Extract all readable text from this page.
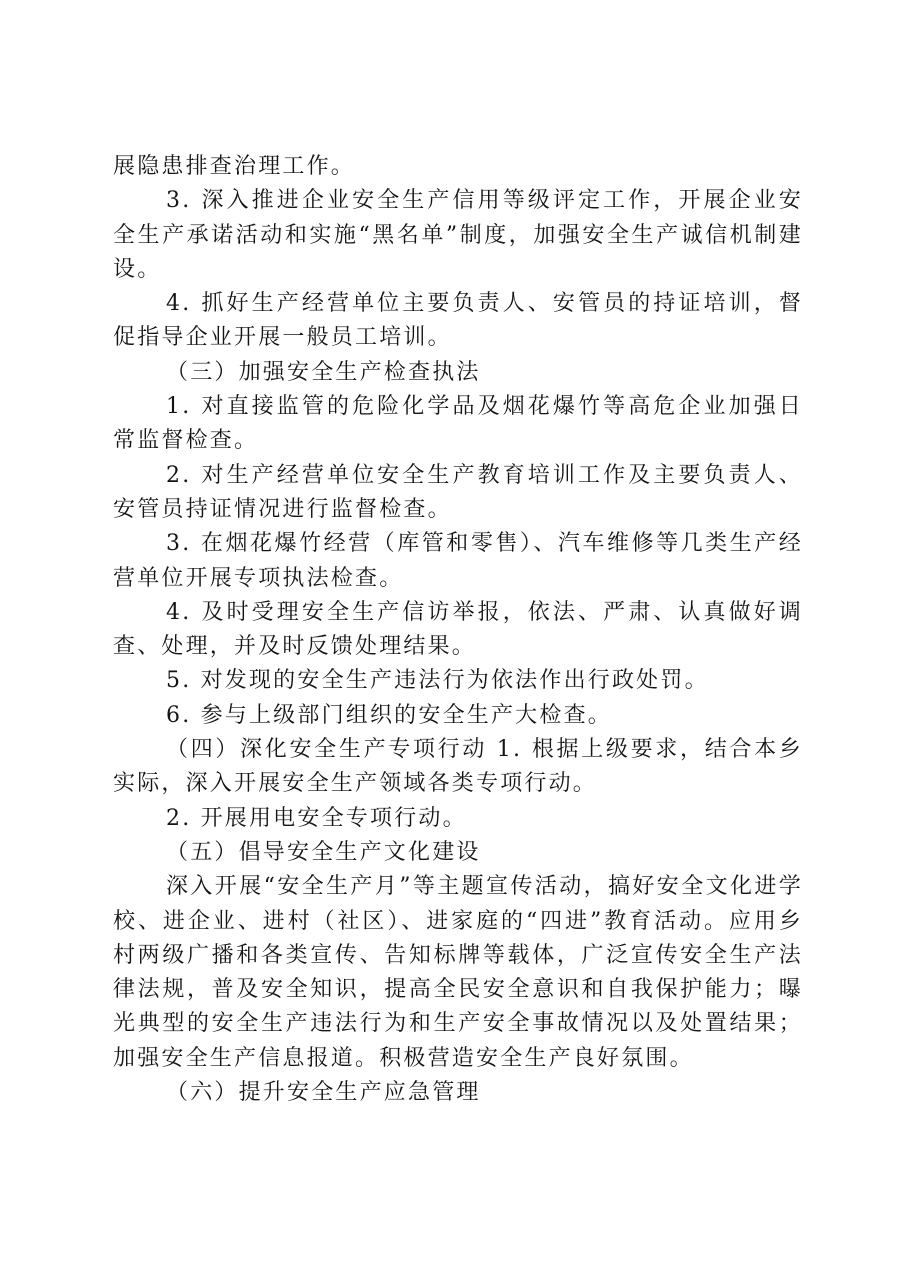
展隐患排查治理工作。

3. 深入推进企业安全生产信用等级评定工作，开展企业安全生产承诺活动和实施“黑名单”制度，加强安全生产诚信机制建设。

4. 抓好生产经营单位主要负责人、安管员的持证培训，督促指导企业开展一般员工培训。

（三）加强安全生产检查执法

1. 对直接监管的危险化学品及烟花爆竹等高危企业加强日常监督检查。

2. 对生产经营单位安全生产教育培训工作及主要负责人、安管员持证情况进行监督检查。

3. 在烟花爆竹经营（库管和零售）、汽车维修等几类生产经营单位开展专项执法检查。

4. 及时受理安全生产信访举报，依法、严肃、认真做好调查、处理，并及时反馈处理结果。

5. 对发现的安全生产违法行为依法作出行政处罚。

6. 参与上级部门组织的安全生产大检查。

（四）深化安全生产专项行动 1. 根据上级要求，结合本乡实际，深入开展安全生产领域各类专项行动。

2. 开展用电安全专项行动。

（五）倡导安全生产文化建设

深入开展“安全生产月”等主题宣传活动，搞好安全文化进学校、进企业、进村（社区）、进家庭的“四进”教育活动。应用乡村两级广播和各类宣传、告知标牌等载体，广泛宣传安全生产法律法规，普及安全知识，提高全民安全意识和自我保护能力；曝光典型的安全生产违法行为和生产安全事故情况以及处置结果；加强安全生产信息报道。积极营造安全生产良好氛围。

（六）提升安全生产应急管理
